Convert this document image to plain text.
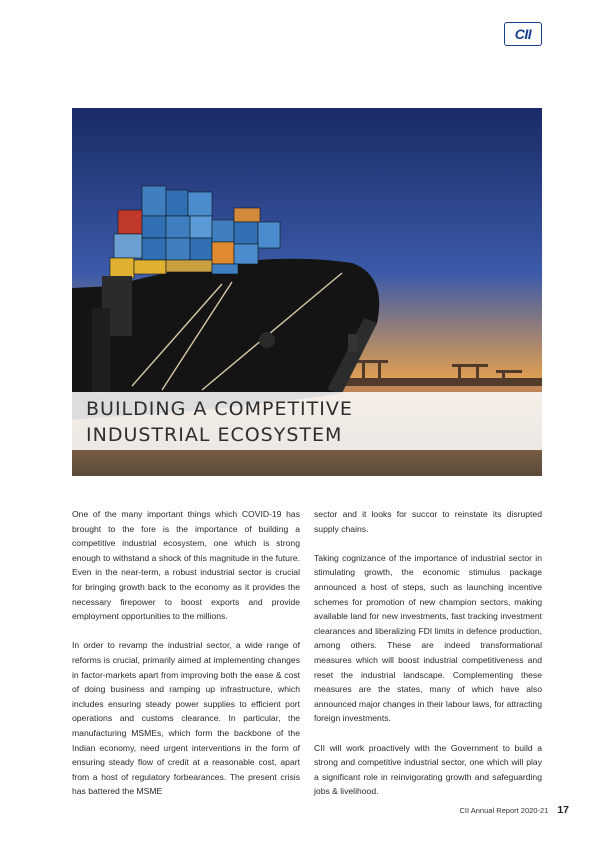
CII
BUILDING A COMPETITIVE
INDUSTRIAL ECOSYSTEM

One of the many important things which COVID-19 has brought to the fore is the importance of building a competitive industrial ecosystem, one which is strong enough to withstand a shock of this magnitude in the future. Even in the near-term, a robust industrial sector is crucial for bringing growth back to the economy as it provides the necessary firepower to boost exports and provide employment opportunities to the millions.

In order to revamp the industrial sector, a wide range of reforms is crucial, primarily aimed at implementing changes in factor-markets apart from improving both the ease & cost of doing business and ramping up infrastructure, which includes ensuring steady power supplies to efficient port operations and customs clearance. In particular, the manufacturing MSMEs, which form the backbone of the Indian economy, need urgent interventions in the form of ensuring steady flow of credit at a reasonable cost, apart from a host of regulatory forbearances. The present crisis has battered the MSME

sector and it looks for succor to reinstate its disrupted supply chains.

Taking cognizance of the importance of industrial sector in stimulating growth, the economic stimulus package announced a host of steps, such as launching incentive schemes for promotion of new champion sectors, making available land for new investments, fast tracking investment clearances and liberalizing FDI limits in defence production, among others. These are indeed transformational measures which will boost industrial competitiveness and reset the industrial landscape. Complementing these measures are the states, many of which have also announced major changes in their labour laws, for attracting foreign investments.

CII will work proactively with the Government to build a strong and competitive industrial sector, one which will play a significant role in reinvigorating growth and safeguarding jobs & livelihood.

CII Annual Report 2020-21 17
